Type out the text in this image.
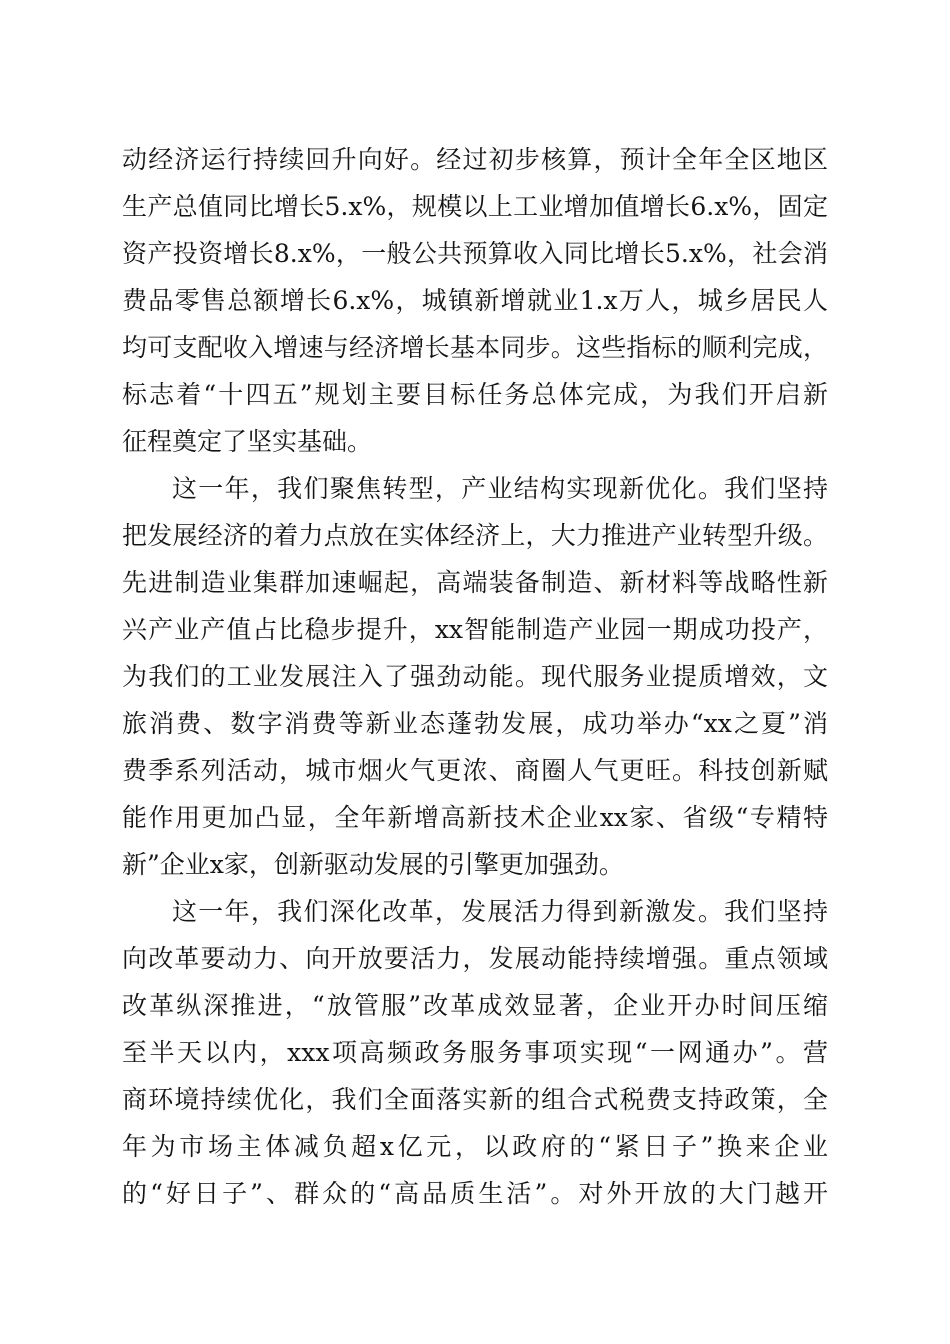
动经济运行持续回升向好。经过初步核算，预计全年全区地区
生产总值同比增长5.x%，规模以上工业增加值增长6.x%，固定
资产投资增长8.x%，一般公共预算收入同比增长5.x%，社会消
费品零售总额增长6.x%，城镇新增就业1.x万人，城乡居民人
均可支配收入增速与经济增长基本同步。这些指标的顺利完成，
标志着“十四五”规划主要目标任务总体完成，为我们开启新
征程奠定了坚实基础。
这一年，我们聚焦转型，产业结构实现新优化。我们坚持
把发展经济的着力点放在实体经济上，大力推进产业转型升级。
先进制造业集群加速崛起，高端装备制造、新材料等战略性新
兴产业产值占比稳步提升，xx智能制造产业园一期成功投产，
为我们的工业发展注入了强劲动能。现代服务业提质增效，文
旅消费、数字消费等新业态蓬勃发展，成功举办“xx之夏”消
费季系列活动，城市烟火气更浓、商圈人气更旺。科技创新赋
能作用更加凸显，全年新增高新技术企业xx家、省级“专精特
新”企业x家，创新驱动发展的引擎更加强劲。
这一年，我们深化改革，发展活力得到新激发。我们坚持
向改革要动力、向开放要活力，发展动能持续增强。重点领域
改革纵深推进，“放管服”改革成效显著，企业开办时间压缩
至半天以内，xxx项高频政务服务事项实现“一网通办”。营
商环境持续优化，我们全面落实新的组合式税费支持政策，全
年为市场主体减负超x亿元，以政府的“紧日子”换来企业
的“好日子”、群众的“高品质生活”。对外开放的大门越开
